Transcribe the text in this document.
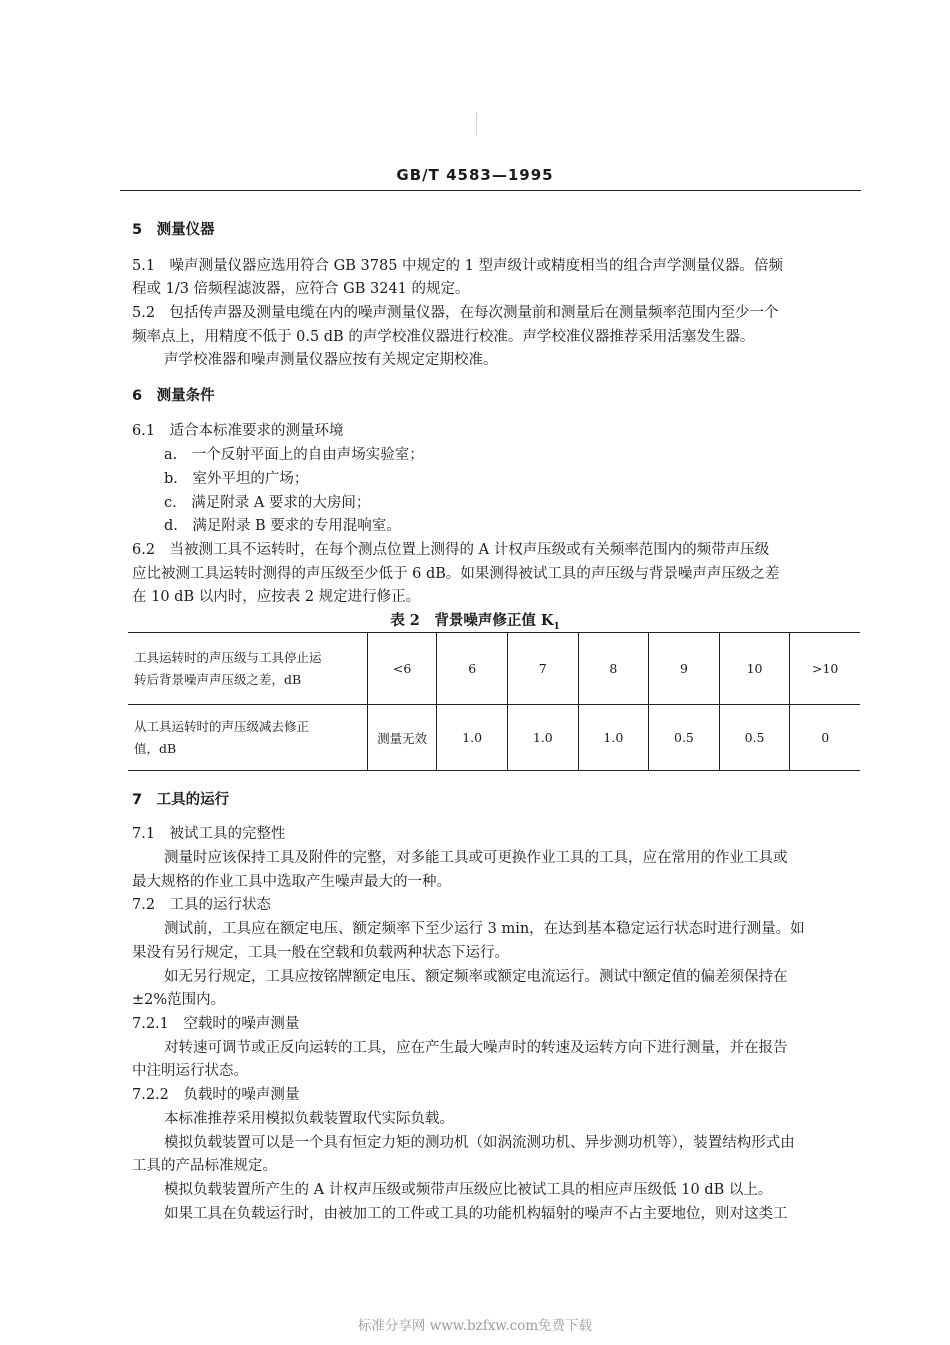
GB/T 4583—1995
5　测量仪器
5.1　噪声测量仪器应选用符合 GB 3785 中规定的 1 型声级计或精度相当的组合声学测量仪器。倍频
程或 1/3 倍频程滤波器，应符合 GB 3241 的规定。
5.2　包括传声器及测量电缆在内的噪声测量仪器，在每次测量前和测量后在测量频率范围内至少一个
频率点上，用精度不低于 0.5 dB 的声学校准仪器进行校准。声学校准仪器推荐采用活塞发生器。
声学校准器和噪声测量仪器应按有关规定定期校准。
6　测量条件
6.1　适合本标准要求的测量环境
a.　一个反射平面上的自由声场实验室；
b.　室外平坦的广场；
c.　满足附录 A 要求的大房间；
d.　满足附录 B 要求的专用混响室。
6.2　当被测工具不运转时，在每个测点位置上测得的 A 计权声压级或有关频率范围内的频带声压级
应比被测工具运转时测得的声压级至少低于 6 dB。如果测得被试工具的声压级与背景噪声声压级之差
在 10 dB 以内时，应按表 2 规定进行修正。
表 2　背景噪声修正值 $K_1$
工具运转时的声压级与工具停止运
转后背景噪声声压级之差，dB	<6	6	7	8	9	10	>10

从工具运转时的声压级减去修正
值，dB	测量无效	1.0	1.0	1.0	0.5	0.5	0
7　工具的运行
7.1　被试工具的完整性
测量时应该保持工具及附件的完整，对多能工具或可更换作业工具的工具，应在常用的作业工具或
最大规格的作业工具中选取产生噪声最大的一种。
7.2　工具的运行状态
测试前，工具应在额定电压、额定频率下至少运行 3 min，在达到基本稳定运行状态时进行测量。如
果没有另行规定，工具一般在空载和负载两种状态下运行。
如无另行规定，工具应按铭牌额定电压、额定频率或额定电流运行。测试中额定值的偏差须保持在
±2%范围内。
7.2.1　空载时的噪声测量
对转速可调节或正反向运转的工具，应在产生最大噪声时的转速及运转方向下进行测量，并在报告
中注明运行状态。
7.2.2　负载时的噪声测量
本标准推荐采用模拟负载装置取代实际负载。
模拟负载装置可以是一个具有恒定力矩的测功机（如涡流测功机、异步测功机等），装置结构形式由
工具的产品标准规定。
模拟负载装置所产生的 A 计权声压级或频带声压级应比被试工具的相应声压级低 10 dB 以上。
如果工具在负载运行时，由被加工的工件或工具的功能机构辐射的噪声不占主要地位，则对这类工
标准分享网 www.bzfxw.com免费下载
